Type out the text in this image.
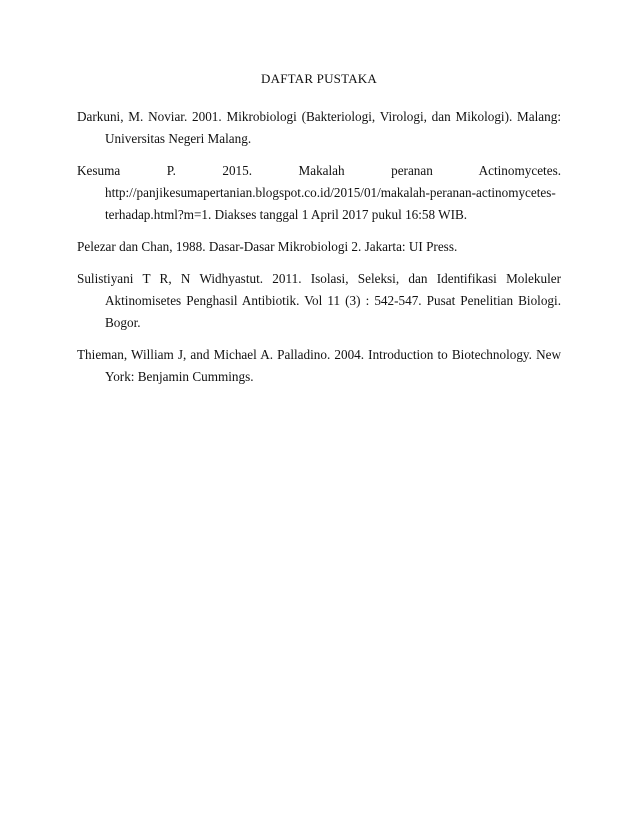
DAFTAR PUSTAKA

Darkuni, M. Noviar. 2001. Mikrobiologi (Bakteriologi, Virologi, dan Mikologi). Malang: Universitas Negeri Malang.

Kesuma P. 2015. Makalah peranan Actinomycetes. http://panjikesumapertanian.blogspot.co.id/2015/01/makalah-peranan-actinomycetes-terhadap.html?m=1. Diakses tanggal 1 April 2017 pukul 16:58 WIB.

Pelezar dan Chan, 1988. Dasar-Dasar Mikrobiologi 2. Jakarta: UI Press.

Sulistiyani T R, N Widhyastut. 2011. Isolasi, Seleksi, dan Identifikasi Molekuler Aktinomisetes Penghasil Antibiotik. Vol 11 (3) : 542-547. Pusat Penelitian Biologi. Bogor.

Thieman, William J, and Michael A. Palladino. 2004. Introduction to Biotechnology. New York: Benjamin Cummings.
